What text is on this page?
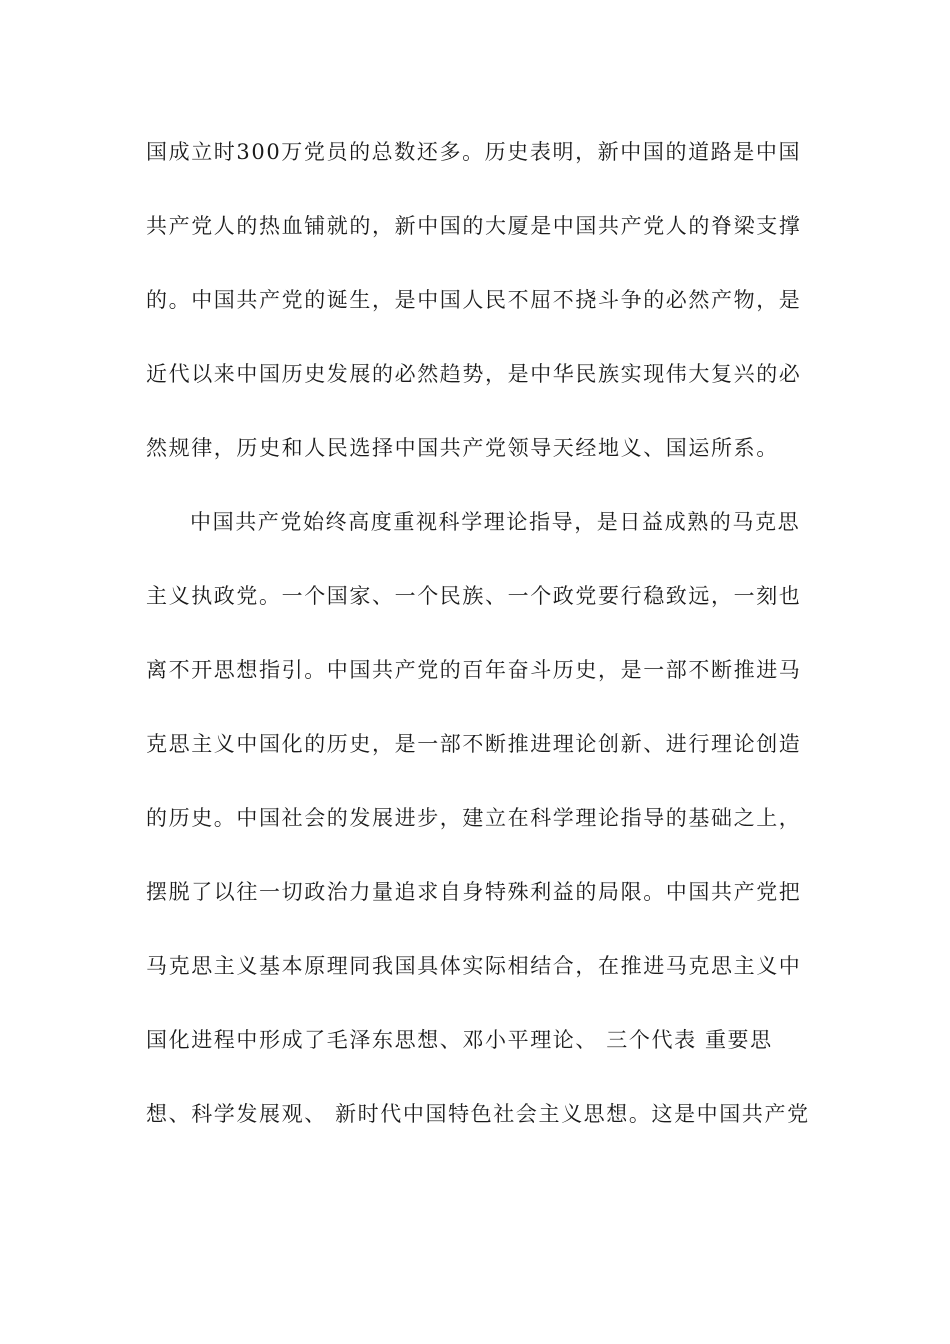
国成立时300万党员的总数还多。历史表明，新中国的道路是中国
共产党人的热血铺就的，新中国的大厦是中国共产党人的脊梁支撑
的。中国共产党的诞生，是中国人民不屈不挠斗争的必然产物，是
近代以来中国历史发展的必然趋势，是中华民族实现伟大复兴的必
然规律，历史和人民选择中国共产党领导天经地义、国运所系。
中国共产党始终高度重视科学理论指导，是日益成熟的马克思
主义执政党。一个国家、一个民族、一个政党要行稳致远，一刻也
离不开思想指引。中国共产党的百年奋斗历史，是一部不断推进马
克思主义中国化的历史，是一部不断推进理论创新、进行理论创造
的历史。中国社会的发展进步，建立在科学理论指导的基础之上，
摆脱了以往一切政治力量追求自身特殊利益的局限。中国共产党把
马克思主义基本原理同我国具体实际相结合，在推进马克思主义中
国化进程中形成了毛泽东思想、邓小平理论、 三个代表 重要思
想、科学发展观、 新时代中国特色社会主义思想。这是中国共产党
